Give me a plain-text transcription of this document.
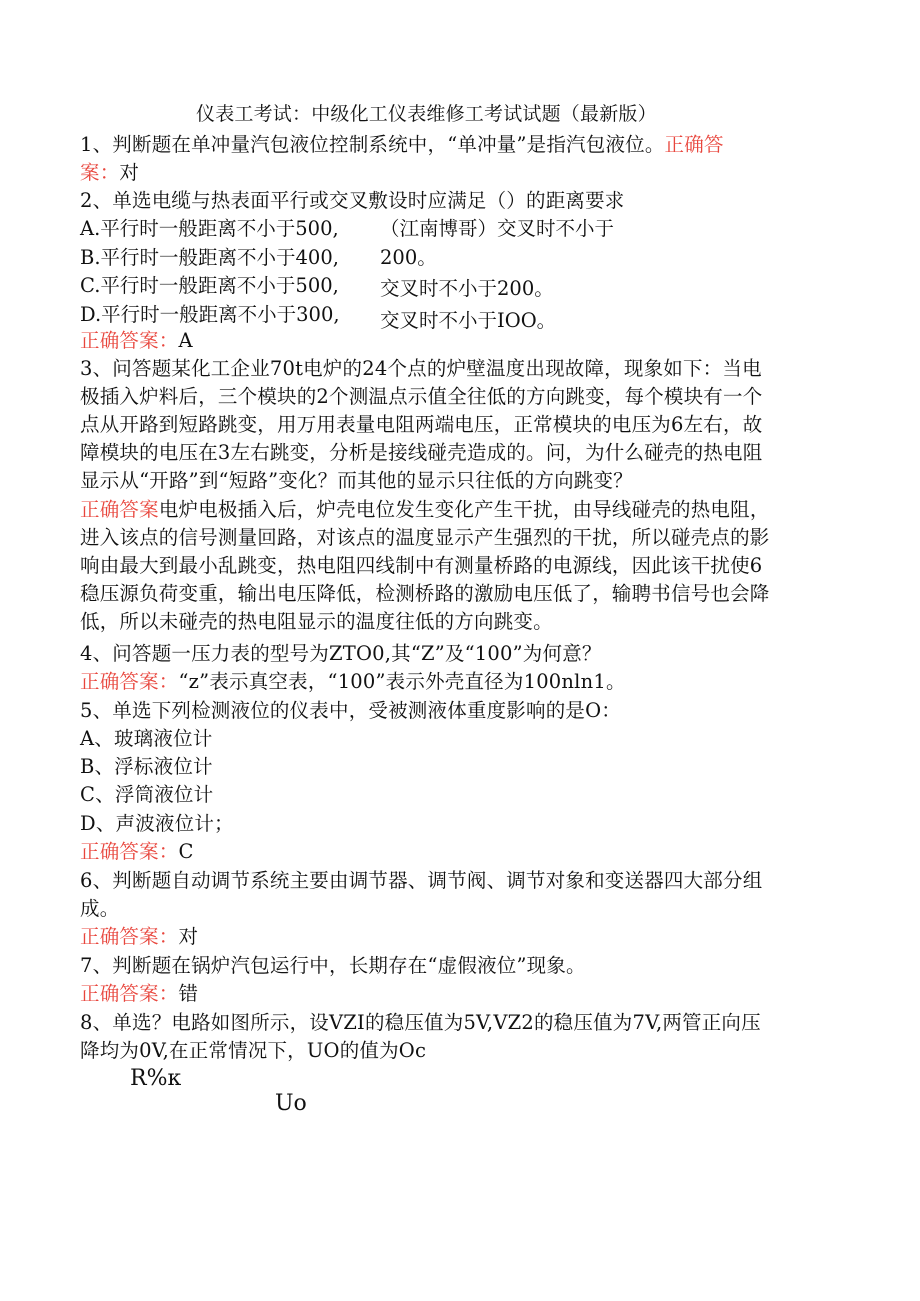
仪表工考试：中级化工仪表维修工考试试题（最新版）
1、判断题在单冲量汽包液位控制系统中，“单冲量”是指汽包液位。正确答
案：对
2、单选电缆与热表面平行或交叉敷设时应满足（）的距离要求
A.平行时一般距离不小于500, （江南博哥）交叉时不小于
B.平行时一般距离不小于400, 200。
C.平行时一般距离不小于500, 交叉时不小于200。
D.平行时一般距离不小于300, 交叉时不小于IOO。
正确答案：A
3、问答题某化工企业70t电炉的24个点的炉壁温度出现故障，现象如下：当电
极插入炉料后，三个模块的2个测温点示值全往低的方向跳变，每个模块有一个
点从开路到短路跳变，用万用表量电阻两端电压，正常模块的电压为6左右，故
障模块的电压在3左右跳变，分析是接线碰壳造成的。问，为什么碰壳的热电阻
显示从“开路”到“短路”变化？而其他的显示只往低的方向跳变？
正确答案电炉电极插入后，炉壳电位发生变化产生干扰，由导线碰壳的热电阻，
进入该点的信号测量回路，对该点的温度显示产生强烈的干扰，所以碰壳点的影
响由最大到最小乱跳变，热电阻四线制中有测量桥路的电源线，因此该干扰使6
稳压源负荷变重，输出电压降低，检测桥路的激励电压低了，输聘书信号也会降
低，所以未碰壳的热电阻显示的温度往低的方向跳变。
4、问答题一压力表的型号为ZTO0,其“Z”及“100”为何意？
正确答案：“z”表示真空表，“100”表示外壳直径为100nln1。
5、单选下列检测液位的仪表中，受被测液体重度影响的是O：
A、玻璃液位计
B、浮标液位计
C、浮筒液位计
D、声波液位计；
正确答案：C
6、判断题自动调节系统主要由调节器、调节阀、调节对象和变送器四大部分组
成。
正确答案：对
7、判断题在锅炉汽包运行中，长期存在“虚假液位”现象。
正确答案：错
8、单选？电路如图所示，设VZI的稳压值为5V,VZ2的稳压值为7V,两管正向压
降均为0V,在正常情况下，UO的值为Oc
R%κ
Uo
